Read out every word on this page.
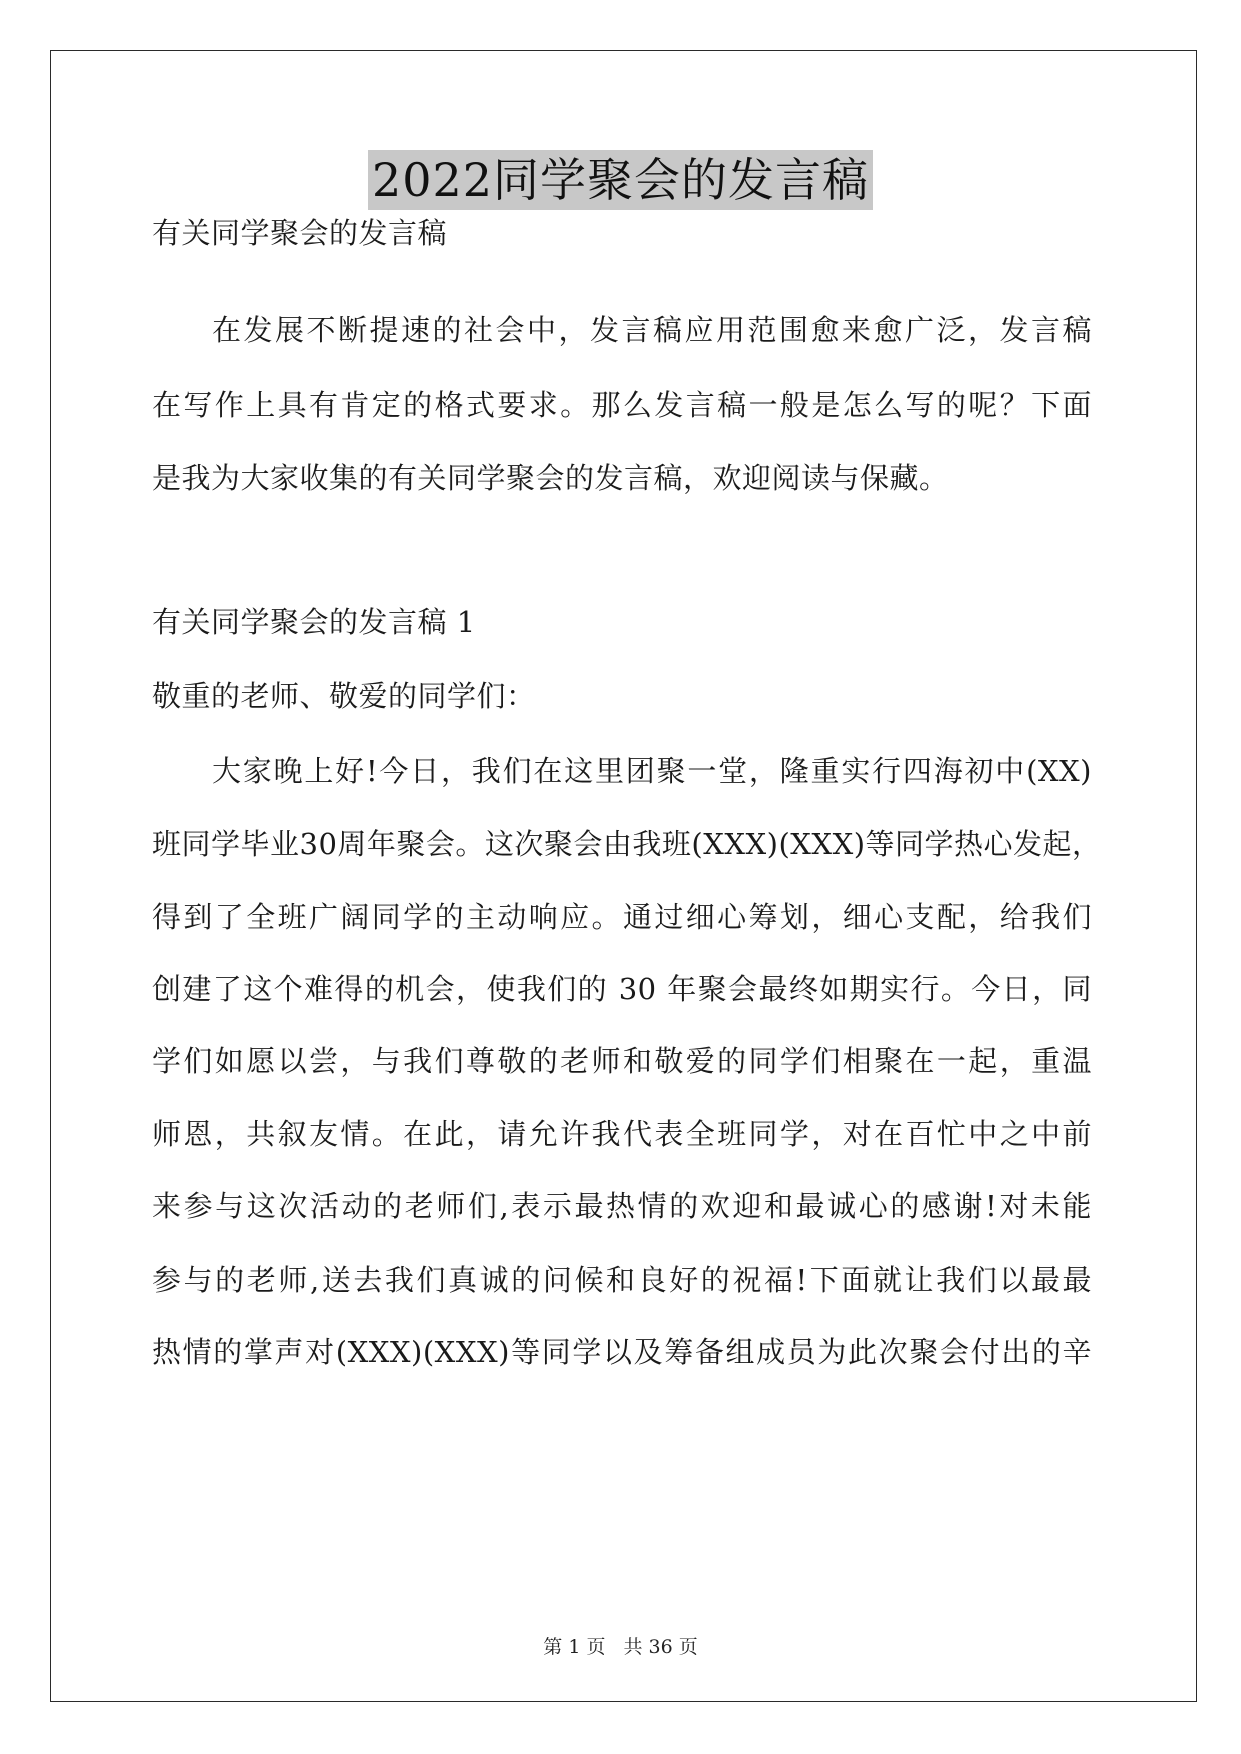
2022同学聚会的发言稿
有关同学聚会的发言稿
在发展不断提速的社会中，发言稿应用范围愈来愈广泛，发言稿
在写作上具有肯定的格式要求。那么发言稿一般是怎么写的呢？下面
是我为大家收集的有关同学聚会的发言稿，欢迎阅读与保藏。
有关同学聚会的发言稿 1
敬重的老师、敬爱的同学们：
大家晚上好!今日，我们在这里团聚一堂，隆重实行四海初中(XX)
班同学毕业30周年聚会。这次聚会由我班(XXX)(XXX)等同学热心发起，
得到了全班广阔同学的主动响应。通过细心筹划，细心支配，给我们
创建了这个难得的机会，使我们的 30 年聚会最终如期实行。今日，同
学们如愿以尝，与我们尊敬的老师和敬爱的同学们相聚在一起，重温
师恩，共叙友情。在此，请允许我代表全班同学，对在百忙中之中前
来参与这次活动的老师们,表示最热情的欢迎和最诚心的感谢!对未能
参与的老师,送去我们真诚的问候和良好的祝福!下面就让我们以最最
热情的掌声对(XXX)(XXX)等同学以及筹备组成员为此次聚会付出的辛
第 1 页 共 36 页
